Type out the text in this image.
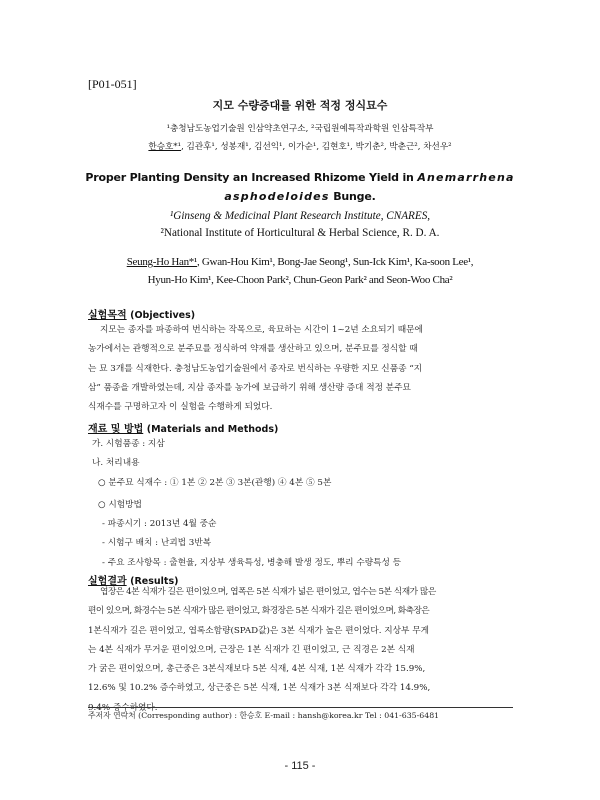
[P01-051]
지모 수량증대를 위한 적정 정식묘수
¹충청남도농업기술원 인삼약초연구소, ²국립원예특작과학원 인삼특작부
한승호*¹, 김관후¹, 성봉재¹, 김선익¹, 이가순¹, 김현호¹, 박기춘², 박춘근², 차선우²
Proper Planting Density an Increased Rhizome Yield in Anemarrhena
asphodeloides Bunge.
¹Ginseng & Medicinal Plant Research Institute, CNARES,
²National Institute of Horticultural & Herbal Science, R. D. A.
Seung-Ho Han*¹, Gwan-Hou Kim¹, Bong-Jae Seong¹, Sun-Ick Kim¹, Ka-soon Lee¹,
Hyun-Ho Kim¹, Kee-Choon Park², Chun-Geon Park² and Seon-Woo Cha²
실험목적 (Objectives)
지모는 종자를 파종하여 번식하는 작목으로, 육묘하는 시간이 1~2년 소요되기 때문에
농가에서는 관행적으로 분주묘를 정식하여 약재를 생산하고 있으며, 분주묘를 정식할 때
는 묘 3개를 식재한다. 충청남도농업기술원에서 종자로 번식하는 우량한 지모 신품종 “지
삼” 품종을 개발하였는데, 지삼 종자를 농가에 보급하기 위해 생산량 증대 적정 분주묘
식재수를 구명하고자 이 실험을 수행하게 되었다.
재료 및 방법 (Materials and Methods)
가. 시험품종 : 지삼
나. 처리내용
○ 분주묘 식재수 : ① 1본 ② 2본 ③ 3본(관행) ④ 4본 ⑤ 5본
○ 시험방법
- 파종시기 : 2013년 4월 중순
- 시험구 배치 : 난괴법 3반복
- 주요 조사항목 : 출현율, 지상부 생육특성, 병충해 발생 정도, 뿌리 수량특성 등
실험결과 (Results)
엽장은 4본 식재가 길은 편이었으며, 엽폭은 5본 식재가 넓은 편이었고, 엽수는 5본 식재가 많은
편이 있으며, 화경수는 5본 식재가 많은 편이었고, 화경장은 5본 식재가 길은 편이었으며, 화축장은
1본식재가 길은 편이었고, 엽록소함량(SPAD값)은 3본 식재가 높은 편이었다. 지상부 무게
는 4본 식재가 무거운 편이었으며, 근장은 1본 식재가 긴 편이었고, 근 직경은 2본 식재
가 굵은 편이었으며, 총근중은 3본식재보다 5본 식재, 4본 식재, 1본 식재가 각각 15.9%,
12.6% 및 10.2% 증수하였고, 상근중은 5본 식재, 1본 식재가 3본 식재보다 각각 14.9%,
9.4% 증수하였다.
주저자 연락처 (Corresponding author) : 한승호 E-mail : hansh@korea.kr Tel : 041-635-6481
- 115 -
